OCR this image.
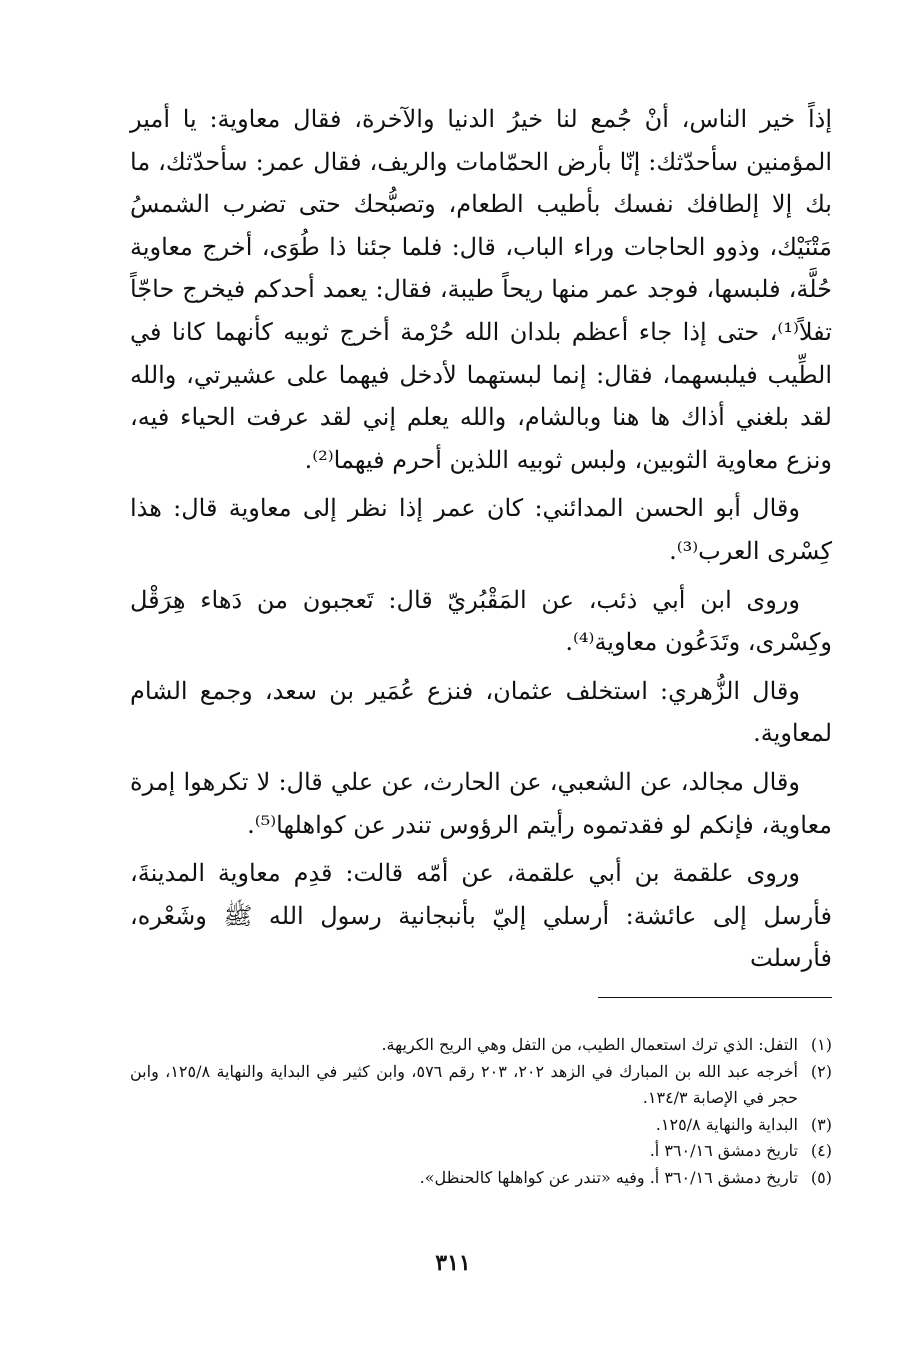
إذاً خير الناس، أنْ جُمع لنا خيرُ الدنيا والآخرة، فقال معاوية: يا أمير المؤمنين سأحدّثك: إنّا بأرض الحمّامات والريف، فقال عمر: سأحدّثك، ما بك إلا إلطافك نفسك بأطيب الطعام، وتصبُّحك حتى تضرب الشمسُ مَتْنَيْك، وذوو الحاجات وراء الباب، قال: فلما جئنا ذا طُوَى، أخرج معاوية حُلَّة، فلبسها، فوجد عمر منها ريحاً طيبة، فقال: يعمد أحدكم فيخرج حاجّاً تفلاً⁽¹⁾، حتى إذا جاء أعظم بلدان الله حُرْمة أخرج ثوبيه كأنهما كانا في الطِّيب فيلبسهما، فقال: إنما لبستهما لأدخل فيهما على عشيرتي، والله لقد بلغني أذاك ها هنا وبالشام، والله يعلم إني لقد عرفت الحياء فيه، ونزع معاوية الثوبين، ولبس ثوبيه اللذين أحرم فيهما⁽²⁾.

وقال أبو الحسن المدائني: كان عمر إذا نظر إلى معاوية قال: هذا كِسْرى العرب⁽³⁾.

وروى ابن أبي ذئب، عن المَقْبُريّ قال: تَعجبون من دَهاء هِرَقْل وكِسْرى، وتَدَعُون معاوية⁽⁴⁾.

وقال الزُّهري: استخلف عثمان، فنزع عُمَير بن سعد، وجمع الشام لمعاوية.

وقال مجالد، عن الشعبي، عن الحارث، عن علي قال: لا تكرهوا إمرة معاوية، فإنكم لو فقدتموه رأيتم الرؤوس تندر عن كواهلها⁽⁵⁾.

وروى علقمة بن أبي علقمة، عن أمّه قالت: قدِم معاوية المدينةَ، فأرسل إلى عائشة: أرسلي إليّ بأنبجانية رسول الله ﷺ وشَعْره، فأرسلت

(١)
التفل: الذي ترك استعمال الطيب، من التفل وهي الريح الكريهة.
(٢)
أخرجه عبد الله بن المبارك في الزهد ٢٠٢، ٢٠٣ رقم ٥٧٦، وابن كثير في البداية والنهاية ١٢٥/٨، وابن حجر في الإصابة ١٣٤/٣.
(٣)
البداية والنهاية ١٢٥/٨.
(٤)
تاريخ دمشق ٣٦٠/١٦ أ.
(٥)
تاريخ دمشق ٣٦٠/١٦ أ. وفيه «تندر عن كواهلها كالحنظل».
٣١١
